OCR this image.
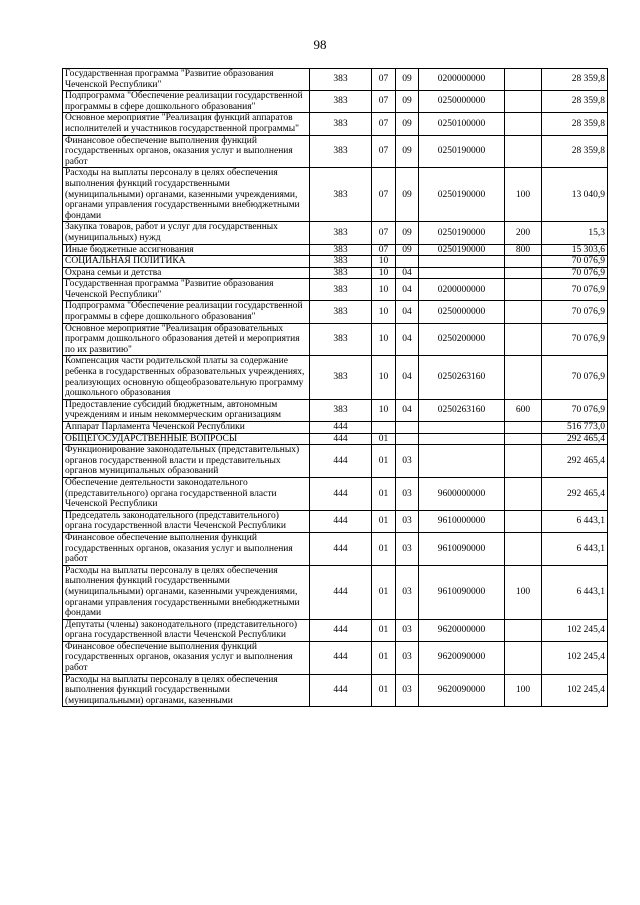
98
Государственная программа "Развитие образования Чеченской Республики"	383	07	09	0200000000		28 359,8
Подпрограмма "Обеспечение реализации государственной программы в сфере дошкольного образования"	383	07	09	0250000000		28 359,8
Основное мероприятие "Реализация функций аппаратов исполнителей и участников государственной программы"	383	07	09	0250100000		28 359,8
Финансовое обеспечение выполнения функций государственных органов, оказания услуг и выполнения работ	383	07	09	0250190000		28 359,8
Расходы на выплаты персоналу в целях обеспечения выполнения функций государственными (муниципальными) органами, казенными учреждениями, органами управления государственными внебюджетными фондами	383	07	09	0250190000	100	13 040,9
Закупка товаров, работ и услуг для государственных (муниципальных) нужд	383	07	09	0250190000	200	15,3
Иные бюджетные ассигнования	383	07	09	0250190000	800	15 303,6
СОЦИАЛЬНАЯ ПОЛИТИКА	383	10				70 076,9
Охрана семьи и детства	383	10	04			70 076,9
Государственная программа "Развитие образования Чеченской Республики"	383	10	04	0200000000		70 076,9
Подпрограмма "Обеспечение реализации государственной программы в сфере дошкольного образования"	383	10	04	0250000000		70 076,9
Основное мероприятие "Реализация образовательных программ дошкольного образования детей и мероприятия по их развитию"	383	10	04	0250200000		70 076,9
Компенсация части родительской платы за содержание ребенка в государственных образовательных учреждениях, реализующих основную общеобразовательную программу дошкольного образования	383	10	04	0250263160		70 076,9
Предоставление субсидий бюджетным, автономным учреждениям и иным некоммерческим организациям	383	10	04	0250263160	600	70 076,9
Аппарат Парламента Чеченской Республики	444					516 773,0
ОБЩЕГОСУДАРСТВЕННЫЕ ВОПРОСЫ	444	01				292 465,4
Функционирование законодательных (представительных) органов государственной власти и представительных органов муниципальных образований	444	01	03			292 465,4
Обеспечение деятельности законодательного (представительного) органа государственной власти Чеченской Республики	444	01	03	9600000000		292 465,4
Председатель законодательного (представительного) органа государственной власти Чеченской Республики	444	01	03	9610000000		6 443,1
Финансовое обеспечение выполнения функций государственных органов, оказания услуг и выполнения работ	444	01	03	9610090000		6 443,1
Расходы на выплаты персоналу в целях обеспечения выполнения функций государственными (муниципальными) органами, казенными учреждениями, органами управления государственными внебюджетными фондами	444	01	03	9610090000	100	6 443,1
Депутаты (члены) законодательного (представительного) органа государственной власти Чеченской Республики	444	01	03	9620000000		102 245,4
Финансовое обеспечение выполнения функций государственных органов, оказания услуг и выполнения работ	444	01	03	9620090000		102 245,4
Расходы на выплаты персоналу в целях обеспечения выполнения функций государственными (муниципальными) органами, казенными	444	01	03	9620090000	100	102 245,4
